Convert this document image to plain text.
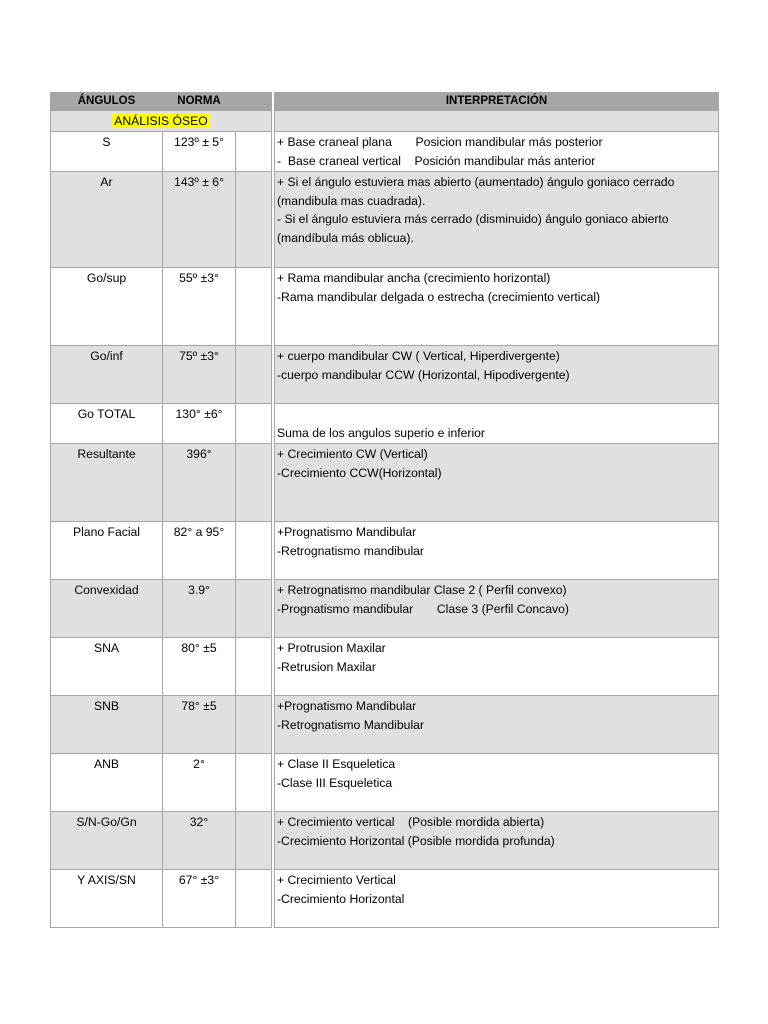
ÁNGULOS	NORMA			INTERPRETACIÓN
ANÁLISIS ÓSEO				
S	123º ± 5°			+ Base craneal plana       Posicion mandibular más posterior
-  Base craneal vertical    Posición mandibular más anterior

Ar	143º ± 6°			+ Si el ángulo estuviera mas abierto (aumentado) ángulo goniaco cerrado (mandibula mas cuadrada).
- Si el ángulo estuviera más cerrado (disminuido) ángulo goniaco abierto (mandíbula más oblicua).

Go/sup	55º ±3°			+ Rama mandibular ancha (crecimiento horizontal)
-Rama mandibular delgada o estrecha (crecimiento vertical)

Go/inf	75º ±3°			+ cuerpo mandibular CW ( Vertical, Hiperdivergente)
-cuerpo mandibular CCW (Horizontal, Hipodivergente)

Go TOTAL	130° ±6°			Suma de los angulos superio e inferior

Resultante	396°			+ Crecimiento CW (Vertical)
-Crecimiento CCW(Horizontal)

Plano Facial	82° a 95°			+Prognatismo Mandibular
-Retrognatismo mandibular

Convexidad	3.9°			+ Retrognatismo mandibular Clase 2 ( Perfil convexo)
-Prognatismo mandibular       Clase 3 (Perfil Concavo)

SNA	80° ±5			+ Protrusion Maxilar
-Retrusion Maxilar

SNB	78° ±5			+Prognatismo Mandibular
-Retrognatismo Mandibular

ANB	2°			+ Clase II Esqueletica
-Clase III Esqueletica

S/N-Go/Gn	32°			+ Crecimiento vertical    (Posible mordida abierta)
-Crecimiento Horizontal (Posible mordida profunda)

Y AXIS/SN	67° ±3°			+ Crecimiento Vertical
-Crecimiento Horizontal
